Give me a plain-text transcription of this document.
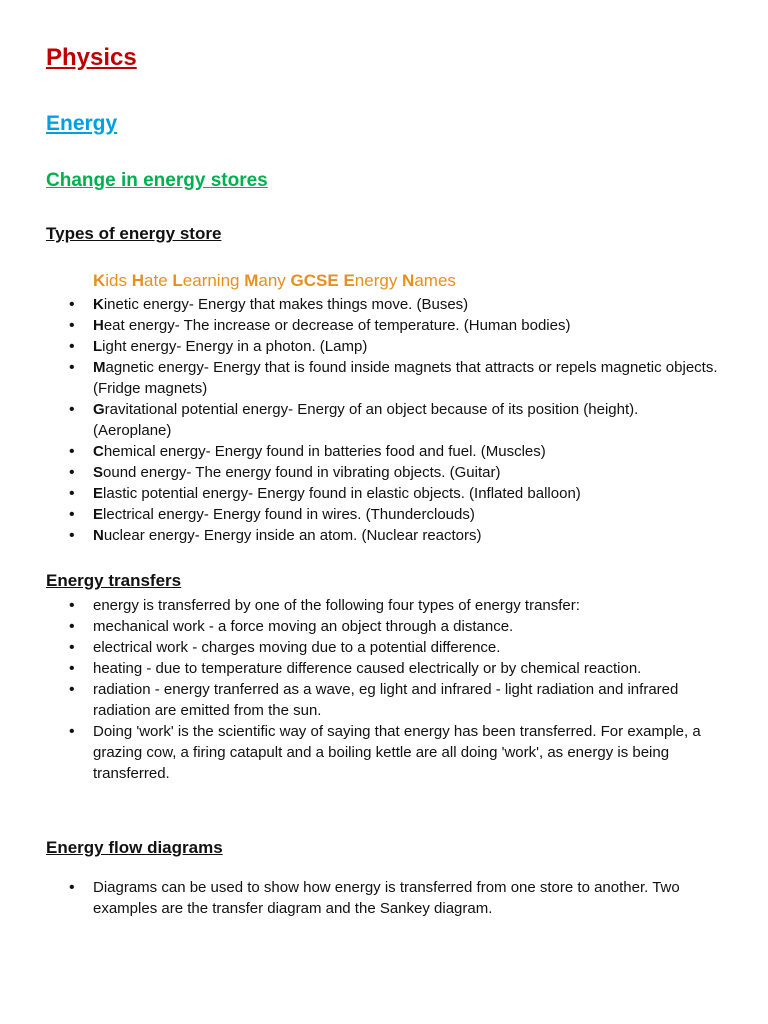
Physics
Energy
Change in energy stores
Types of energy store

Kids Hate Learning Many GCSE Energy Names

• Kinetic energy- Energy that makes things move. (Buses)
• Heat energy- The increase or decrease of temperature. (Human bodies)
• Light energy- Energy in a photon. (Lamp)
• Magnetic energy- Energy that is found inside magnets that attracts or repels magnetic objects. (Fridge magnets)
• Gravitational potential energy- Energy of an object because of its position (height). (Aeroplane)
• Chemical energy- Energy found in batteries food and fuel. (Muscles)
• Sound energy- The energy found in vibrating objects. (Guitar)
• Elastic potential energy- Energy found in elastic objects. (Inflated balloon)
• Electrical energy- Energy found in wires. (Thunderclouds)
• Nuclear energy- Energy inside an atom. (Nuclear reactors)
Energy transfers
• energy is transferred by one of the following four types of energy transfer:
• mechanical work - a force moving an object through a distance.
• electrical work - charges moving due to a potential difference.
• heating - due to temperature difference caused electrically or by chemical reaction.
• radiation - energy tranferred as a wave, eg light and infrared - light radiation and infrared radiation are emitted from the sun.
• Doing 'work' is the scientific way of saying that energy has been transferred. For example, a grazing cow, a firing catapult and a boiling kettle are all doing 'work', as energy is being transferred.
Energy flow diagrams
• Diagrams can be used to show how energy is transferred from one store to another. Two examples are the transfer diagram and the Sankey diagram.
